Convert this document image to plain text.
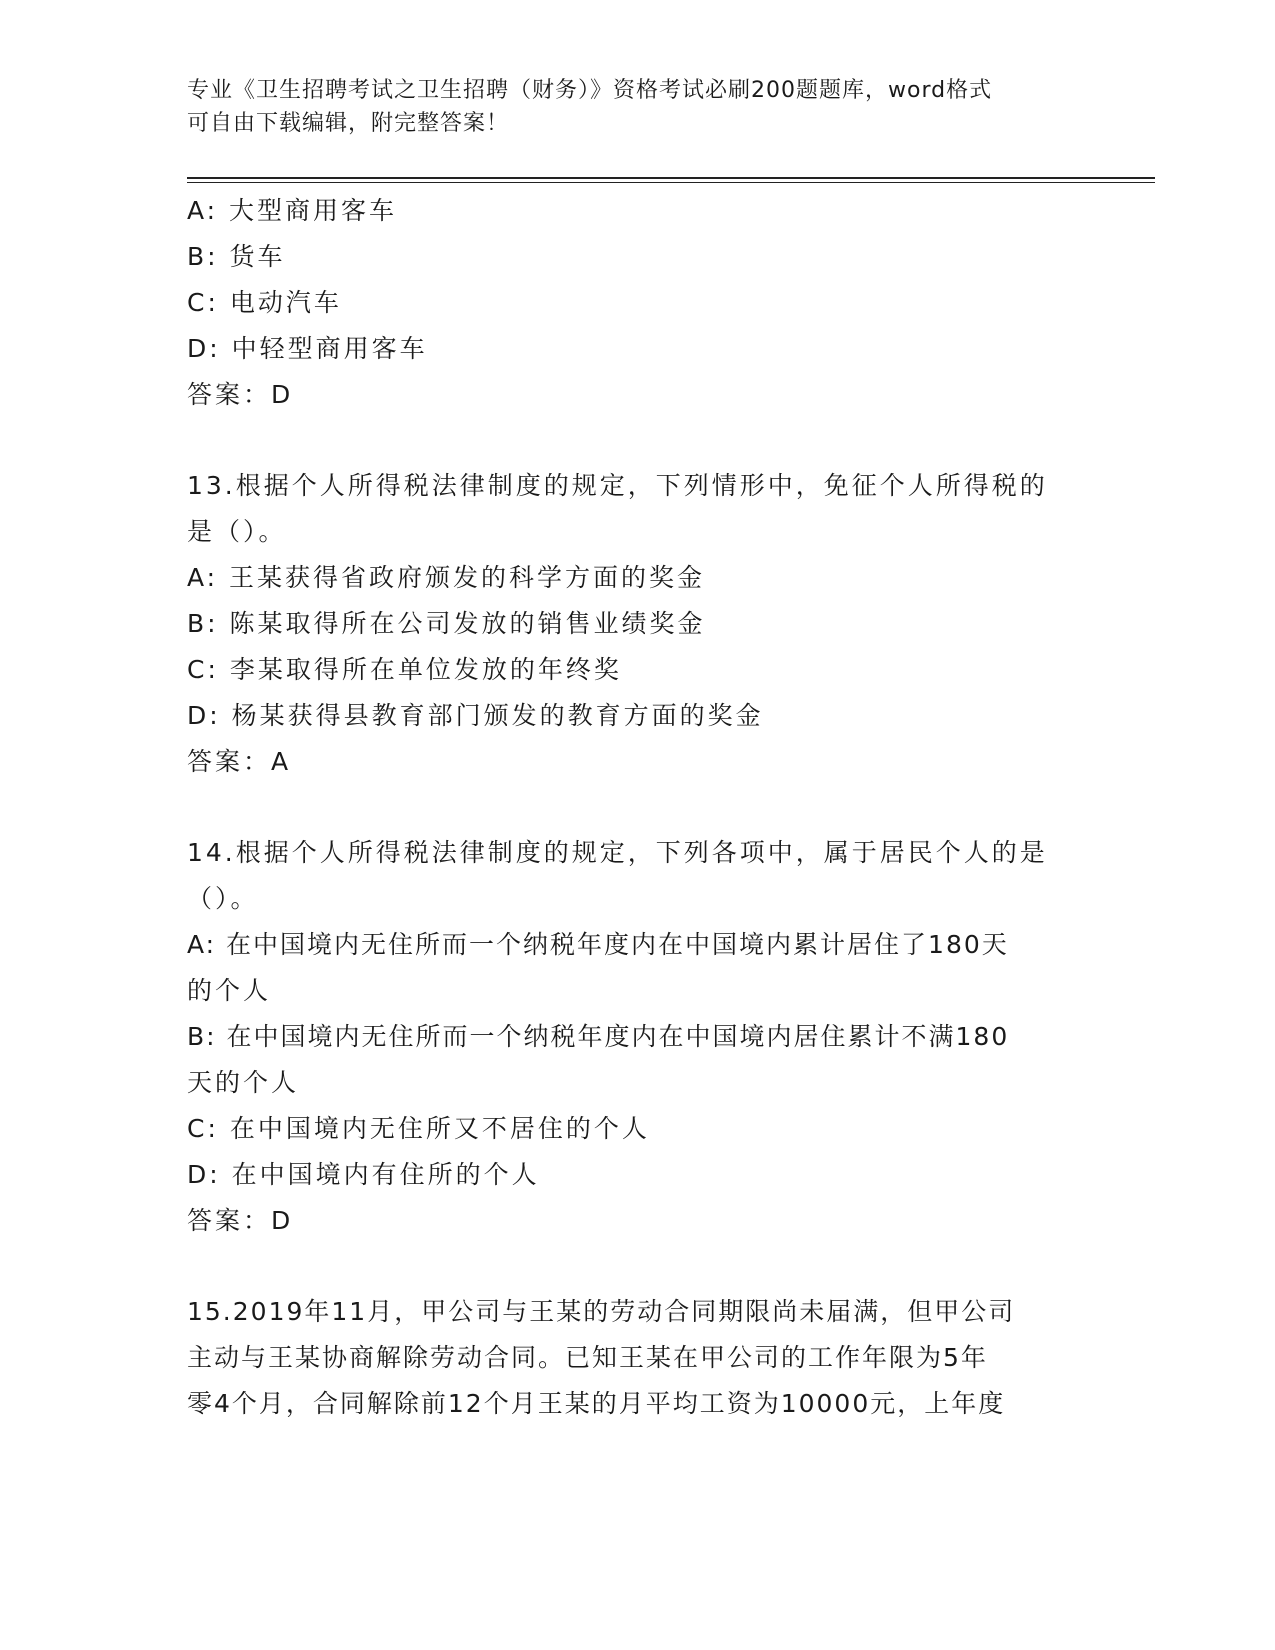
专业《卫生招聘考试之卫生招聘（财务）》资格考试必刷200题题库，word格式
可自由下载编辑，附完整答案！
A: 大型商用客车
B: 货车
C: 电动汽车
D: 中轻型商用客车
答案：D
13.根据个人所得税法律制度的规定，下列情形中，免征个人所得税的
是（）。
A: 王某获得省政府颁发的科学方面的奖金
B: 陈某取得所在公司发放的销售业绩奖金
C: 李某取得所在单位发放的年终奖
D: 杨某获得县教育部门颁发的教育方面的奖金
答案：A
14.根据个人所得税法律制度的规定，下列各项中，属于居民个人的是
（）。
A: 在中国境内无住所而一个纳税年度内在中国境内累计居住了180天
的个人
B: 在中国境内无住所而一个纳税年度内在中国境内居住累计不满180
天的个人
C: 在中国境内无住所又不居住的个人
D: 在中国境内有住所的个人
答案：D
15.2019年11月，甲公司与王某的劳动合同期限尚未届满，但甲公司
主动与王某协商解除劳动合同。已知王某在甲公司的工作年限为5年
零4个月，合同解除前12个月王某的月平均工资为10000元，上年度
